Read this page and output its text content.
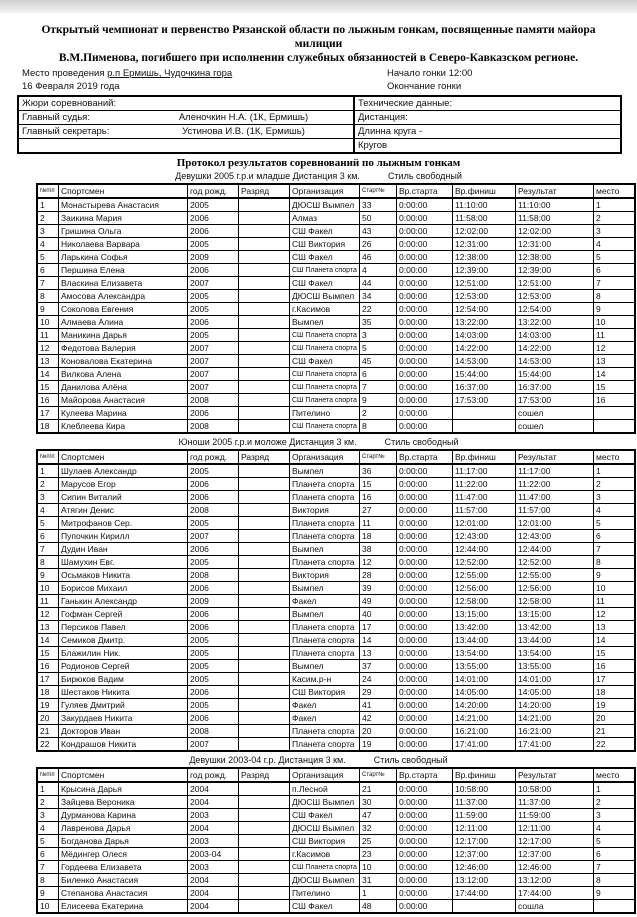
Открытый чемпионат и первенство Рязанской области по лыжным гонкам, посвященные памяти майора милиции
В.М.Пименова, погибшего при исполнении служебных обязанностей в Северо-Кавказском регионе.
Место проведения р.п Ермишь, Чудочкина гора	Начало гонки 12:00
16 Февраля 2019 года	Окончание гонки
Жюри соревнований:	Технические данные:
Главный судья:	Аленочкин Н.А. (1К, Ермишь)	Дистанция:
Главный секретарь:	Устинова И.В. (1К, Ермишь)	Длинна круга -
Кругов
Протокол результатов соревнований по лыжным гонкам
Девушки 2005 г.р.и младше Дистанция 3 км.	Стиль свободный
№п\п	Спортсмен	год рожд.	Разряд	Организация	Старт№	Вр.старта	Вр.финиш	Результат	место
1	Монастырева Анастасия	2005		ДЮСШ Вымпел	33	0:00:00	11:10:00	11:10:00	1
2	Заикина Мария	2006		Алмаз	50	0:00:00	11:58:00	11:58:00	2
3	Гришина Ольга	2006		СШ Факел	43	0:00:00	12:02:00	12:02:00	3
4	Николаева Варвара	2005		СШ Виктория	26	0:00:00	12:31:00	12:31:00	4
5	Ларькина Софья	2009		СШ Факел	46	0:00:00	12:38:00	12:38:00	5
6	Першина Елена	2006		СШ Планета спорта	4	0:00:00	12:39:00	12:39:00	6
7	Власкина Елизавета	2007		СШ Факел	44	0:00:00	12:51:00	12:51:00	7
8	Амосова Александра	2005		ДЮСШ Вымпел	34	0:00:00	12:53:00	12:53:00	8
9	Соколова Евгения	2005		г.Касимов	22	0:00:00	12:54:00	12:54:00	9
10	Алмаева Алина	2006		Вымпел	35	0:00:00	13:22:00	13:22:00	10
11	Маникина Дарья	2005		СШ Планета спорта	3	0:00:00	14:03:00	14:03:00	11
12	Федотова Валерия	2007		СШ Планета спорта	5	0:00:00	14:22:00	14:22:00	12
13	Коновалова Екатерина	2007		СШ Факел	45	0:00:00	14:53:00	14:53:00	13
14	Вилкова Алена	2007		СШ Планета спорта	6	0:00:00	15:44:00	15:44:00	14
15	Данилова Алёна	2007		СШ Планета спорта	7	0:00:00	16:37:00	16:37:00	15
16	Майорова Анастасия	2008		СШ Планета спорта	9	0:00:00	17:53:00	17:53:00	16
17	Кулеева Марина	2006		Пителино	2	0:00:00		сошел	
18	Клеблеева Кира	2008		СШ Планета спорта	8	0:00:00		сошел	
Юноши 2005 г.р.и моложе Дистанция 3 км.	Стиль свободный
№п\п	Спортсмен	год рожд.	Разряд	Организация	Старт№	Вр.старта	Вр.финиш	Результат	место
1	Шулаев Александр	2005		Вымпел	36	0:00:00	11:17:00	11:17:00	1
2	Марусов Егор	2006		Планета спорта	15	0:00:00	11:22:00	11:22:00	2
3	Сипин Виталий	2006		Планета спорта	16	0:00:00	11:47:00	11:47:00	3
4	Атягин Денис	2008		Виктория	27	0:00:00	11:57:00	11:57:00	4
5	Митрофанов Сер.	2005		Планета спорта	11	0:00:00	12:01:00	12:01:00	5
6	Пупочкин Кирилл	2007		Планета спорта	18	0:00:00	12:43:00	12:43:00	6
7	Дудин Иван	2006		Вымпел	38	0:00:00	12:44:00	12:44:00	7
8	Шамухин Евг.	2005		Планета спорта	12	0:00:00	12:52:00	12:52:00	8
9	Осьмаков Никита	2008		Виктория	28	0:00:00	12:55:00	12:55:00	9
10	Борисов Михаил	2006		Вымпел	39	0:00:00	12:56:00	12:56:00	10
11	Ганькин Александр	2009		Факел	49	0:00:00	12:58:00	12:58:00	11
12	Гофман Сергей	2006		Вымпел	40	0:00:00	13:15:00	13:15:00	12
13	Персиков Павел	2006		Планета спорта	17	0:00:00	13:42:00	13:42:00	13
14	Семиков Дмитр.	2005		Планета спорта	14	0:00:00	13:44:00	13:44:00	14
15	Блажилин Ник.	2005		Планета спорта	13	0:00:00	13:54:00	13:54:00	15
16	Родионов Сергей	2005		Вымпел	37	0:00:00	13:55:00	13:55:00	16
17	Бирюков Вадим	2005		Касим.р-н	24	0:00:00	14:01:00	14:01:00	17
18	Шестаков Никита	2006		СШ Виктория	29	0:00:00	14:05:00	14:05:00	18
19	Гуляев Дмитрий	2005		Факел	41	0:00:00	14:20:00	14:20:00	19
20	Закурдаев Никита	2006		Факел	42	0:00:00	14:21:00	14:21:00	20
21	Докторов Иван	2008		Планета спорта	20	0:00:00	16:21:00	16:21:00	21
22	Кондрашов Никита	2007		Планета спорта	19	0:00:00	17:41:00	17:41:00	22
Девушки 2003-04 г.р. Дистанция 3 км.	Стиль свободный
№п\п	Спортсмен	год рожд.	Разряд	Организация	Старт№	Вр.старта	Вр.финиш	Результат	место
1	Крысина Дарья	2004		п.Лесной	21	0:00:00	10:58:00	10:58:00	1
2	Зайцева Вероника	2004		ДЮСШ Вымпел	30	0:00:00	11:37:00	11:37:00	2
3	Дурманова Карина	2003		СШ Факел	47	0:00:00	11:59:00	11:59:00	3
4	Лавренова Дарья	2004		ДЮСШ Вымпел	32	0:00:00	12:11:00	12:11:00	4
5	Богданова Дарья	2003		СШ Виктория	25	0:00:00	12:17:00	12:17:00	5
6	Мёдингер Олеся	2003-04		г.Касимов	23	0:00:00	12:37:00	12:37:00	6
7	Гордеева Елизавета	2003		СШ Планета спорта	10	0:00:00	12:46:00	12:46:00	7
8	Биленко Анастасия	2004		ДЮСШ Вымпел	31	0:00:00	13:12:00	13:12:00	8
9	Степанова Анастасия	2004		Пителино	1	0:00:00	17:44:00	17:44:00	9
10	Елисеева Екатерина	2004		СШ Факел	48	0:00:00		сошла	
